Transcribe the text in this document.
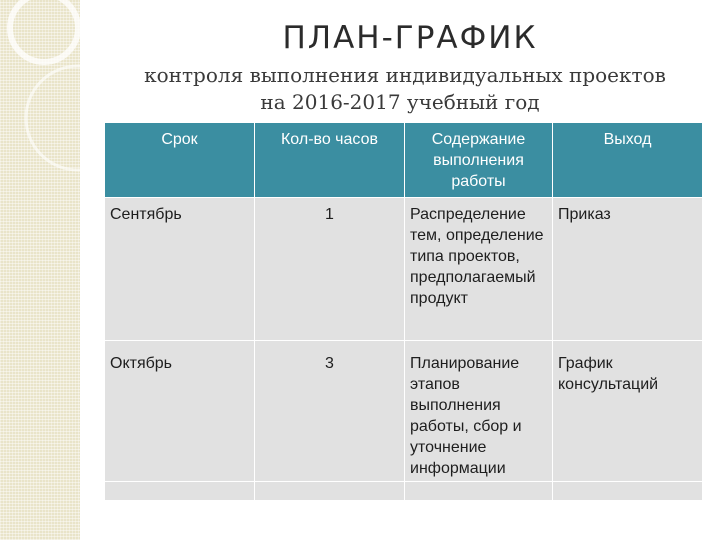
ПЛАН-ГРАФИК
контроля выполнения индивидуальных проектов
на 2016-2017 учебный год
Срок	Кол-во часов	Содержание выполнения работы	Выход
Сентябрь	1	Распределение тем, определение типа проектов, предполагаемый продукт	Приказ
Октябрь	3	Планирование этапов выполнения работы, сбор и уточнение информации	График консультаций
